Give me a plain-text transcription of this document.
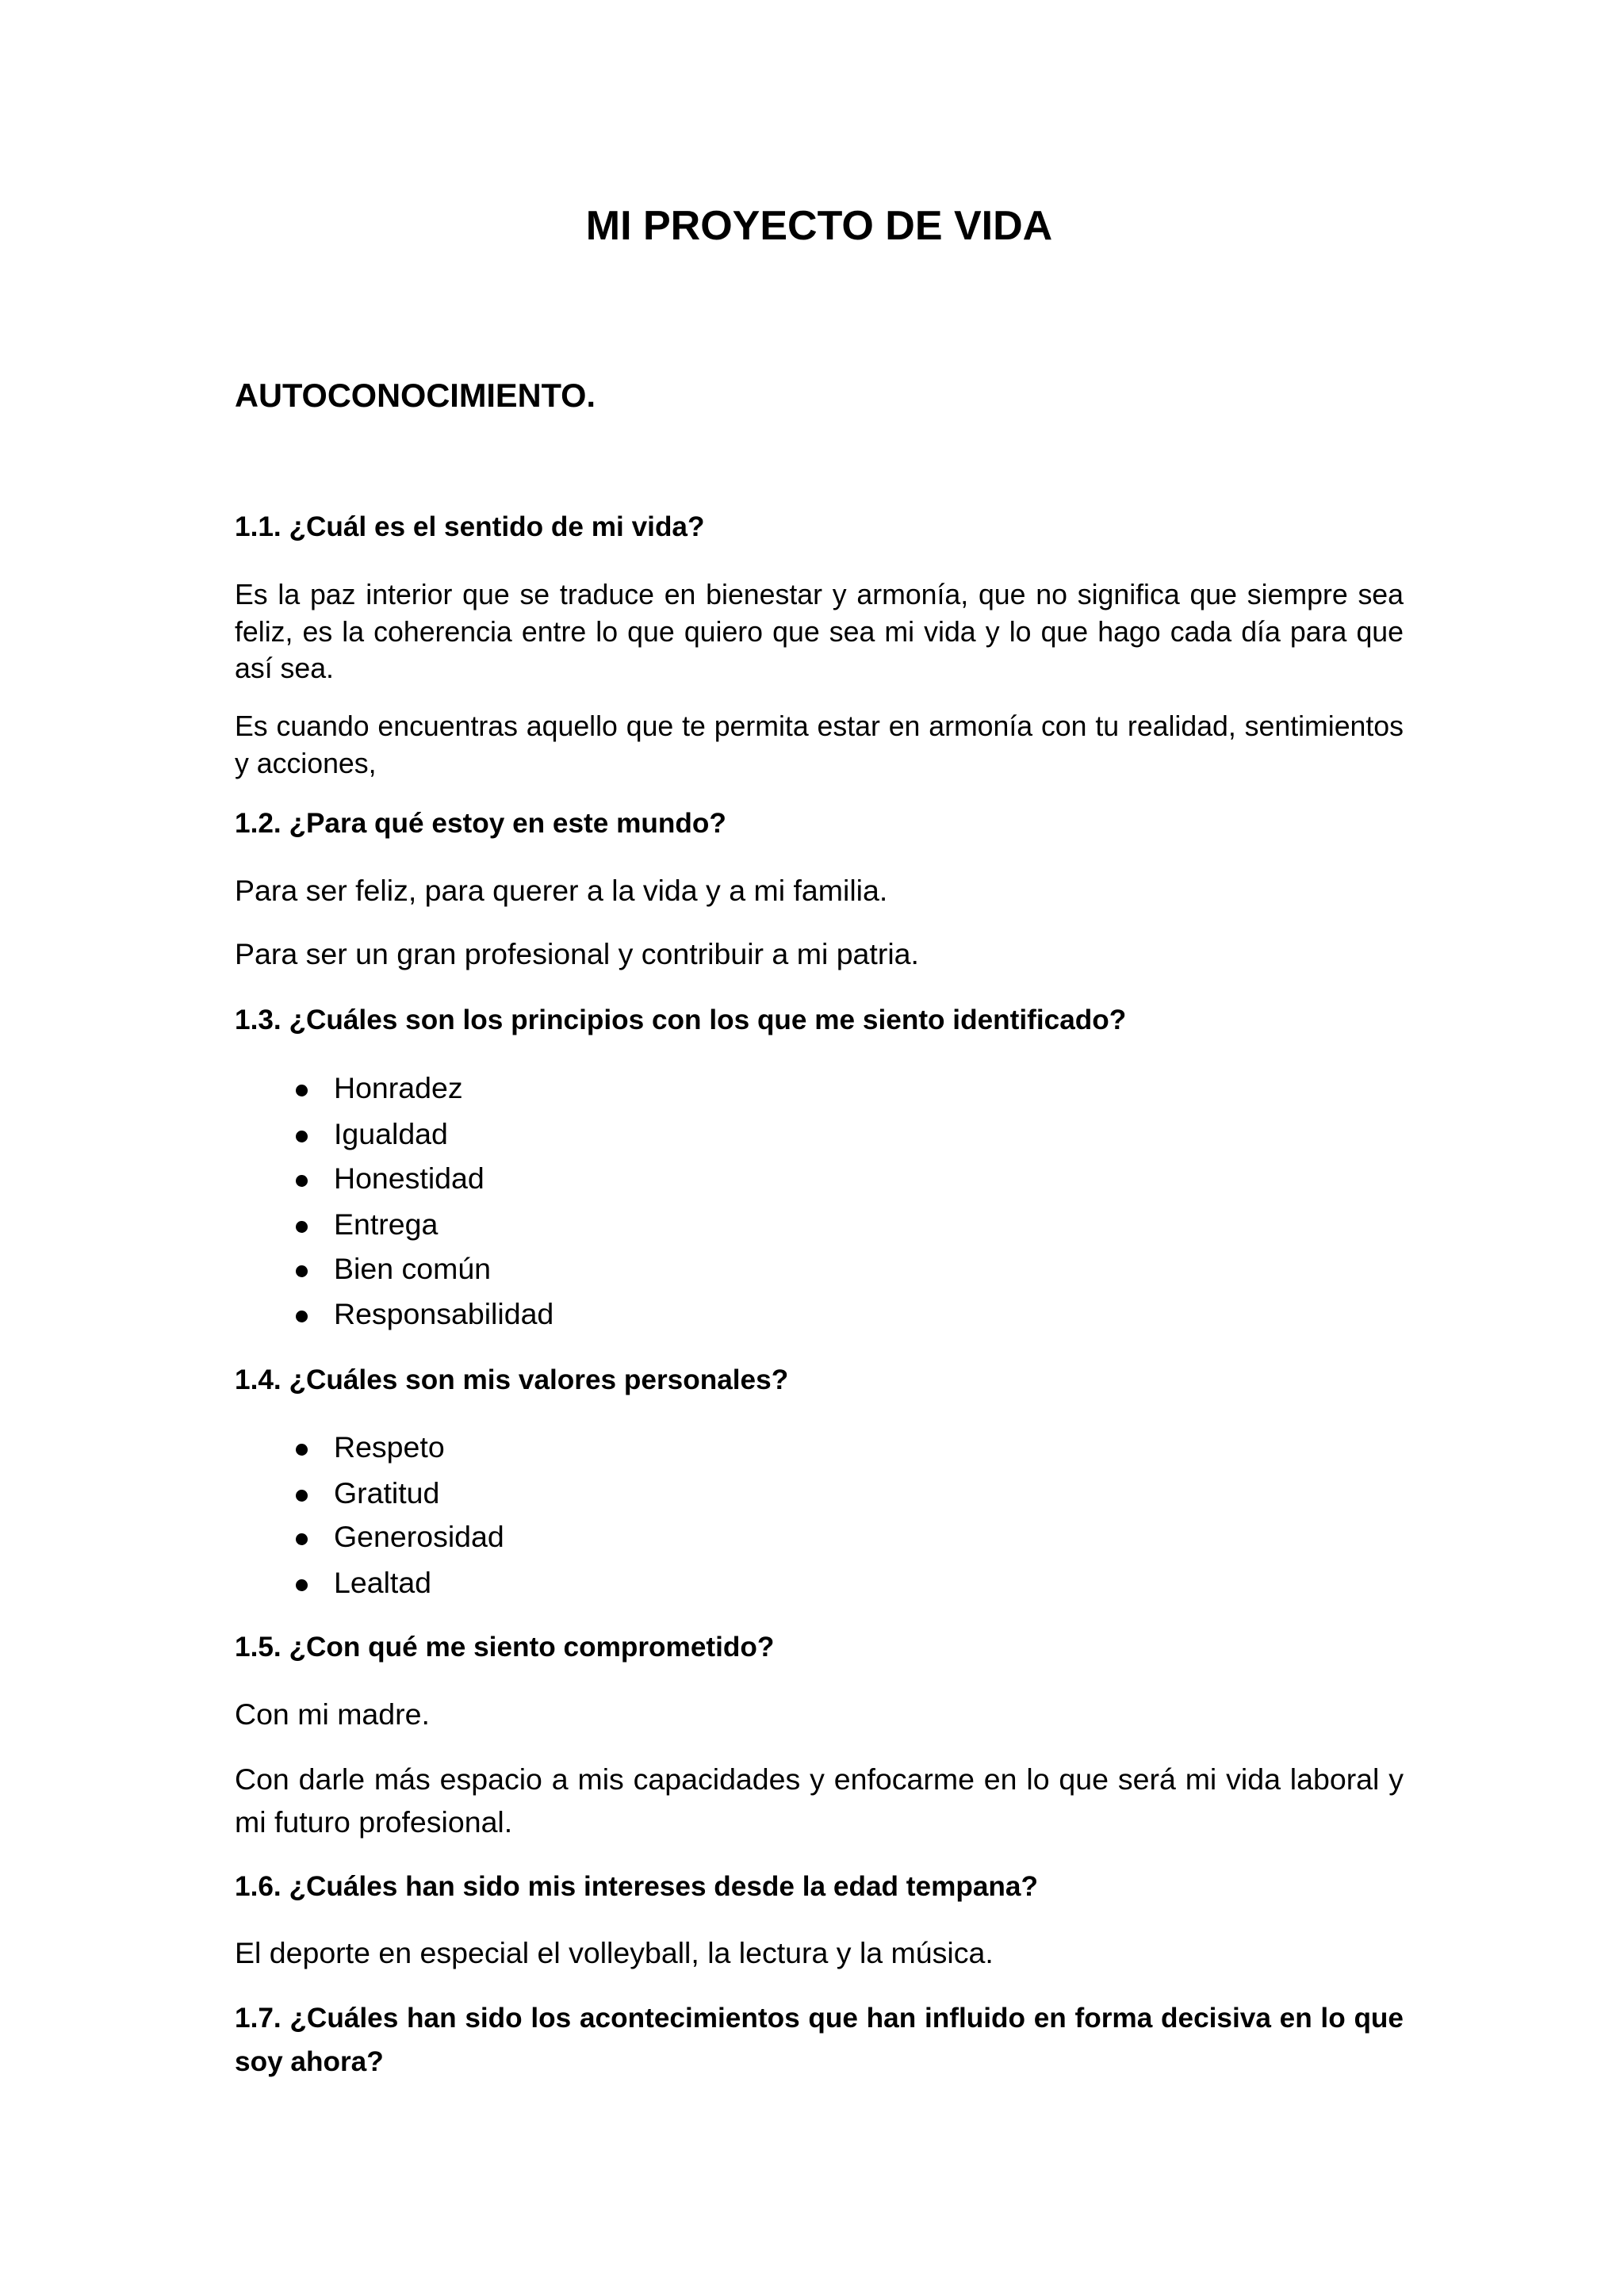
MI PROYECTO DE VIDA
AUTOCONOCIMIENTO.
1.1. ¿Cuál es el sentido de mi vida?
Es la paz interior que se traduce en bienestar y armonía, que no significa que siempre sea
feliz, es la coherencia entre lo que quiero que sea mi vida y lo que hago cada día para que
así sea.
Es cuando encuentras aquello que te permita estar en armonía con tu realidad, sentimientos
y acciones,
1.2. ¿Para qué estoy en este mundo?
Para ser feliz, para querer a la vida y a mi familia.
Para ser un gran profesional y contribuir a mi patria.
1.3. ¿Cuáles son los principios con los que me siento identificado?
Honradez
Igualdad
Honestidad
Entrega
Bien común
Responsabilidad
1.4. ¿Cuáles son mis valores personales?
Respeto
Gratitud
Generosidad
Lealtad
1.5. ¿Con qué me siento comprometido?
Con mi madre.
Con darle más espacio a mis capacidades y enfocarme en lo que será mi vida laboral y
mi futuro profesional.
1.6. ¿Cuáles han sido mis intereses desde la edad tempana?
El deporte en especial el volleyball, la lectura y la música.
1.7. ¿Cuáles han sido los acontecimientos que han influido en forma decisiva en lo que
soy ahora?
